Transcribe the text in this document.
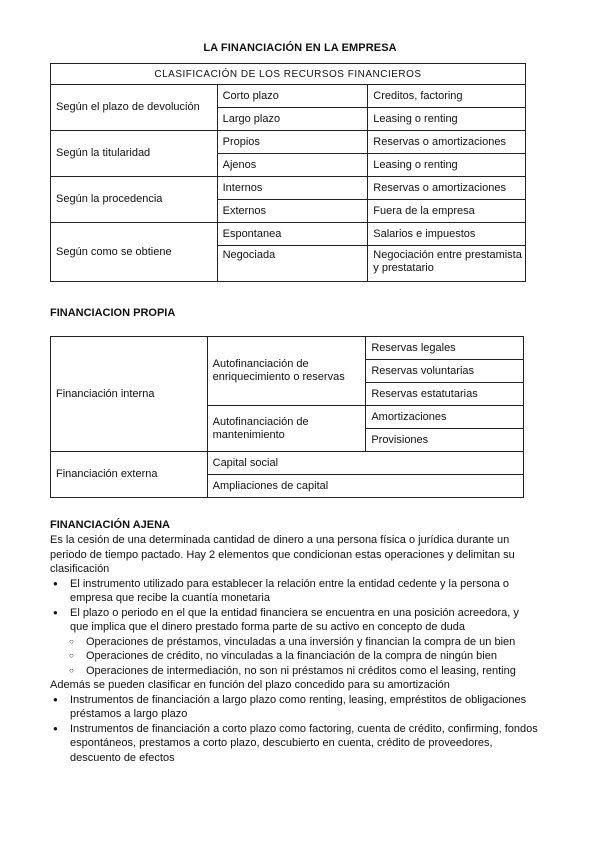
LA FINANCIACIÓN EN LA EMPRESA
CLASIFICACIÓN DE LOS RECURSOS FINANCIEROS		
Según el plazo de devolución	Corto plazo	Creditos, factoring
	Largo plazo	Leasing o renting
Según la titularidad	Propios	Reservas o amortizaciones
	Ajenos	Leasing o renting
Según la procedencia	Internos	Reservas o amortizaciones
	Externos	Fuera de la empresa
Según como se obtiene	Espontanea	Salarios e impuestos
	Negociada	Negociación entre prestamista y prestatario
FINANCIACION PROPIA
Financiación interna	Autofinanciación de enriquecimiento o reservas	Reservas legales
		Reservas voluntarias
		Reservas estatutarias
	Autofinanciación de mantenimiento	Amortizaciones
		Provisiones
Financiación externa	Capital social	
	Ampliaciones de capital	
FINANCIACIÓN AJENA
Es la cesión de una determinada cantidad de dinero a una persona física o jurídica durante un periodo de tiempo pactado. Hay 2 elementos que condicionan estas operaciones y delimitan su clasificación
● El instrumento utilizado para establecer la relación entre la entidad cedente y la persona o empresa que recibe la cuantía monetaria
● El plazo o periodo en el que la entidad financiera se encuentra en una posición acreedora, y que implica que el dinero prestado forma parte de su activo en concepto de duda
○ Operaciones de préstamos, vinculadas a una inversión y financian la compra de un bien
○ Operaciones de crédito, no vinculadas a la financiación de la compra de ningún bien
○ Operaciones de intermediación, no son ni préstamos ni créditos como el leasing, renting
Además se pueden clasificar en función del plazo concedido para su amortización
● Instrumentos de financiación a largo plazo como renting, leasing, empréstitos de obligaciones préstamos a largo plazo
● Instrumentos de financiación a corto plazo como factoring, cuenta de crédito, confirming, fondos espontáneos, prestamos a corto plazo, descubierto en cuenta, crédito de proveedores, descuento de efectos
